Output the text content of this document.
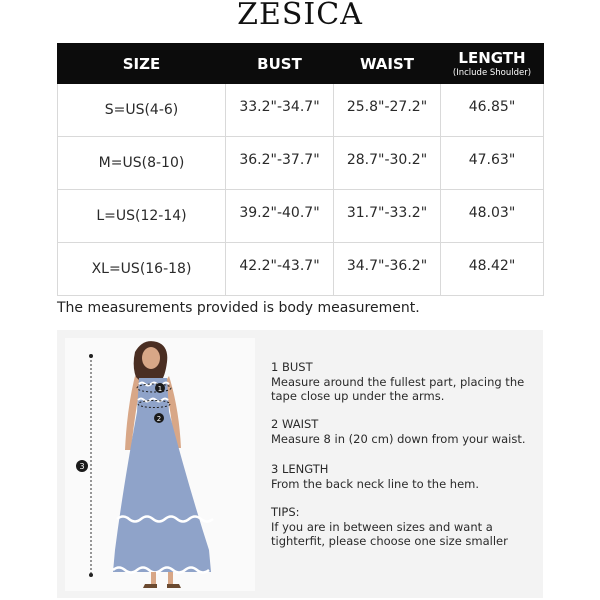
ZESICA
SIZE	BUST	WAIST	LENGTH
(Include Shoulder)

S=US(4-6)	33.2"-34.7"	25.8"-27.2"	46.85"
M=US(8-10)	36.2"-37.7"	28.7"-30.2"	47.63"
L=US(12-14)	39.2"-40.7"	31.7"-33.2"	48.03"
XL=US(16-18)	42.2"-43.7"	34.7"-36.2"	48.42"
The measurements provided is body measurement.
1
2
3
1 BUST
Measure around the fullest part, placing the tape close up under the arms.
2 WAIST
Measure 8 in (20 cm) down from your waist.
3 LENGTH
From the back neck line to the hem.
TIPS:
If you are in between sizes and want a tighterfit, please choose one size smaller
